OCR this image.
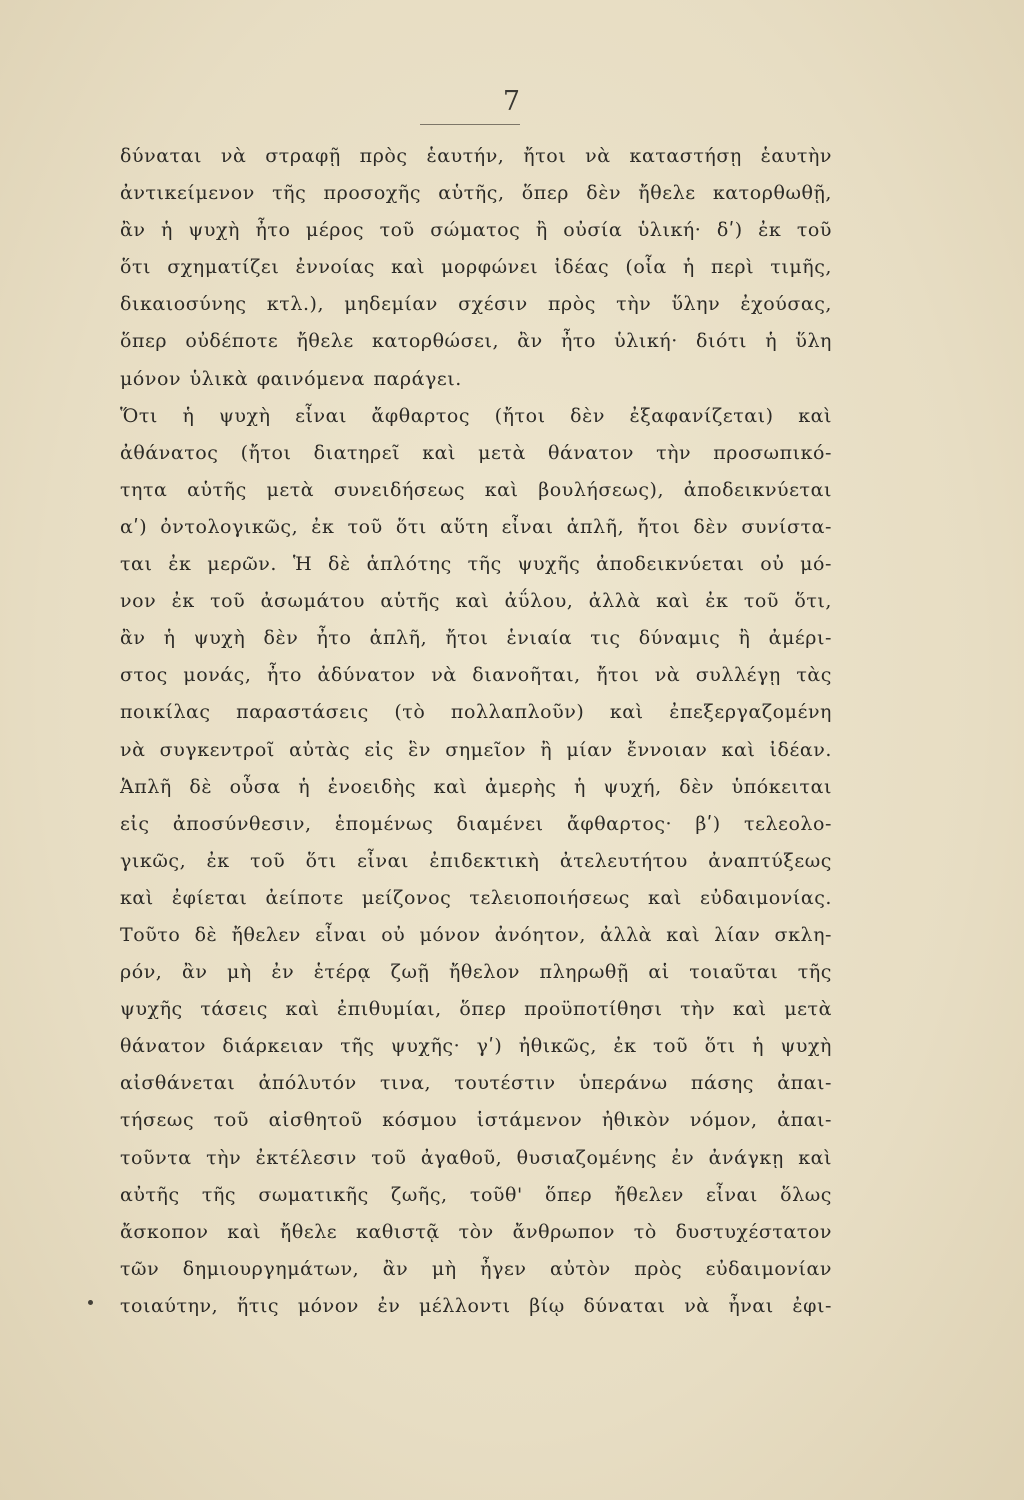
7
δύναται νὰ στραφῇ πρὸς ἑαυτήν, ἤτοι νὰ καταστήσῃ ἑαυτὴν
ἀντικείμενον τῆς προσοχῆς αὑτῆς, ὅπερ δὲν ἤθελε κατορθωθῇ,
ἂν ἡ ψυχὴ ἦτο μέρος τοῦ σώματος ἢ οὐσία ὑλική· δʹ) ἐκ τοῦ
ὅτι σχηματίζει ἐννοίας καὶ μορφώνει ἰδέας (οἷα ἡ περὶ τιμῆς,
δικαιοσύνης κτλ.), μηδεμίαν σχέσιν πρὸς τὴν ὕλην ἐχούσας,
ὅπερ οὐδέποτε ἤθελε κατορθώσει, ἂν ἦτο ὑλική· διότι ἡ ὕλη
μόνον ὑλικὰ φαινόμενα παράγει.
Ὅτι ἡ ψυχὴ εἶναι ἄφθαρτος (ἤτοι δὲν ἐξαφανίζεται) καὶ
ἀθάνατος (ἤτοι διατηρεῖ καὶ μετὰ θάνατον τὴν προσωπικό-
τητα αὑτῆς μετὰ συνειδήσεως καὶ βουλήσεως), ἀποδεικνύεται
αʹ) ὀντολογικῶς, ἐκ τοῦ ὅτι αὕτη εἶναι ἁπλῆ, ἤτοι δὲν συνίστα-
ται ἐκ μερῶν. Ἡ δὲ ἁπλότης τῆς ψυχῆς ἀποδεικνύεται οὐ μό-
νον ἐκ τοῦ ἀσωμάτου αὑτῆς καὶ ἀΰλου, ἀλλὰ καὶ ἐκ τοῦ ὅτι,
ἂν ἡ ψυχὴ δὲν ἦτο ἁπλῆ, ἤτοι ἑνιαία τις δύναμις ἢ ἀμέρι-
στος μονάς, ἦτο ἀδύνατον νὰ διανοῆται, ἤτοι νὰ συλλέγῃ τὰς
ποικίλας παραστάσεις (τὸ πολλαπλοῦν) καὶ ἐπεξεργαζομένη
νὰ συγκεντροῖ αὐτὰς εἰς ἓν σημεῖον ἢ μίαν ἔννοιαν καὶ ἰδέαν.
Ἁπλῆ δὲ οὖσα ἡ ἑνοειδὴς καὶ ἀμερὴς ἡ ψυχή, δὲν ὑπόκειται
εἰς ἀποσύνθεσιν, ἑπομένως διαμένει ἄφθαρτος· βʹ) τελεολο-
γικῶς, ἐκ τοῦ ὅτι εἶναι ἐπιδεκτικὴ ἀτελευτήτου ἀναπτύξεως
καὶ ἐφίεται ἀείποτε μείζονος τελειοποιήσεως καὶ εὐδαιμονίας.
Τοῦτο δὲ ἤθελεν εἶναι οὐ μόνον ἀνόητον, ἀλλὰ καὶ λίαν σκλη-
ρόν, ἂν μὴ ἐν ἑτέρᾳ ζωῇ ἤθελον πληρωθῇ αἱ τοιαῦται τῆς
ψυχῆς τάσεις καὶ ἐπιθυμίαι, ὅπερ προϋποτίθησι τὴν καὶ μετὰ
θάνατον διάρκειαν τῆς ψυχῆς· γʹ) ἠθικῶς, ἐκ τοῦ ὅτι ἡ ψυχὴ
αἰσθάνεται ἀπόλυτόν τινα, τουτέστιν ὑπεράνω πάσης ἀπαι-
τήσεως τοῦ αἰσθητοῦ κόσμου ἱστάμενον ἠθικὸν νόμον, ἀπαι-
τοῦντα τὴν ἐκτέλεσιν τοῦ ἀγαθοῦ, θυσιαζομένης ἐν ἀνάγκῃ καὶ
αὐτῆς τῆς σωματικῆς ζωῆς, τοῦθ' ὅπερ ἤθελεν εἶναι ὅλως
ἄσκοπον καὶ ἤθελε καθιστᾷ τὸν ἄνθρωπον τὸ δυστυχέστατον
τῶν δημιουργημάτων, ἂν μὴ ἦγεν αὐτὸν πρὸς εὐδαιμονίαν
τοιαύτην, ἥτις μόνον ἐν μέλλοντι βίῳ δύναται νὰ ἦναι ἐφι-
